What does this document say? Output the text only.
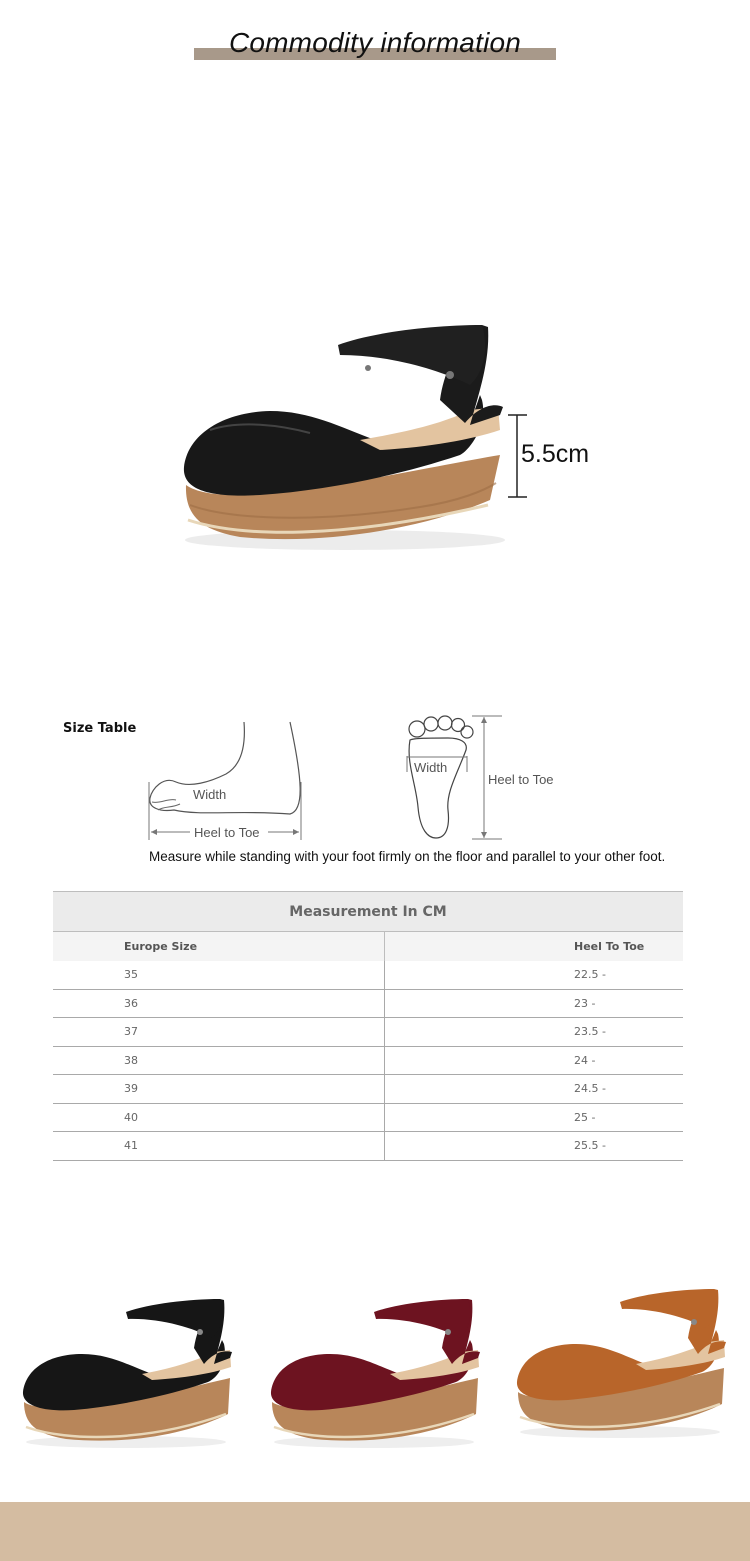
Commodity information
5.5cm
Size Table
Width
Heel to Toe
Width
Heel to Toe
Measure while standing with your foot firmly on the floor and parallel to your other foot.
Measurement In CM	
Europe Size	Heel To Toe
35	22.5 -
36	23 -
37	23.5 -
38	24 -
39	24.5 -
40	25 -
41	25.5 -
